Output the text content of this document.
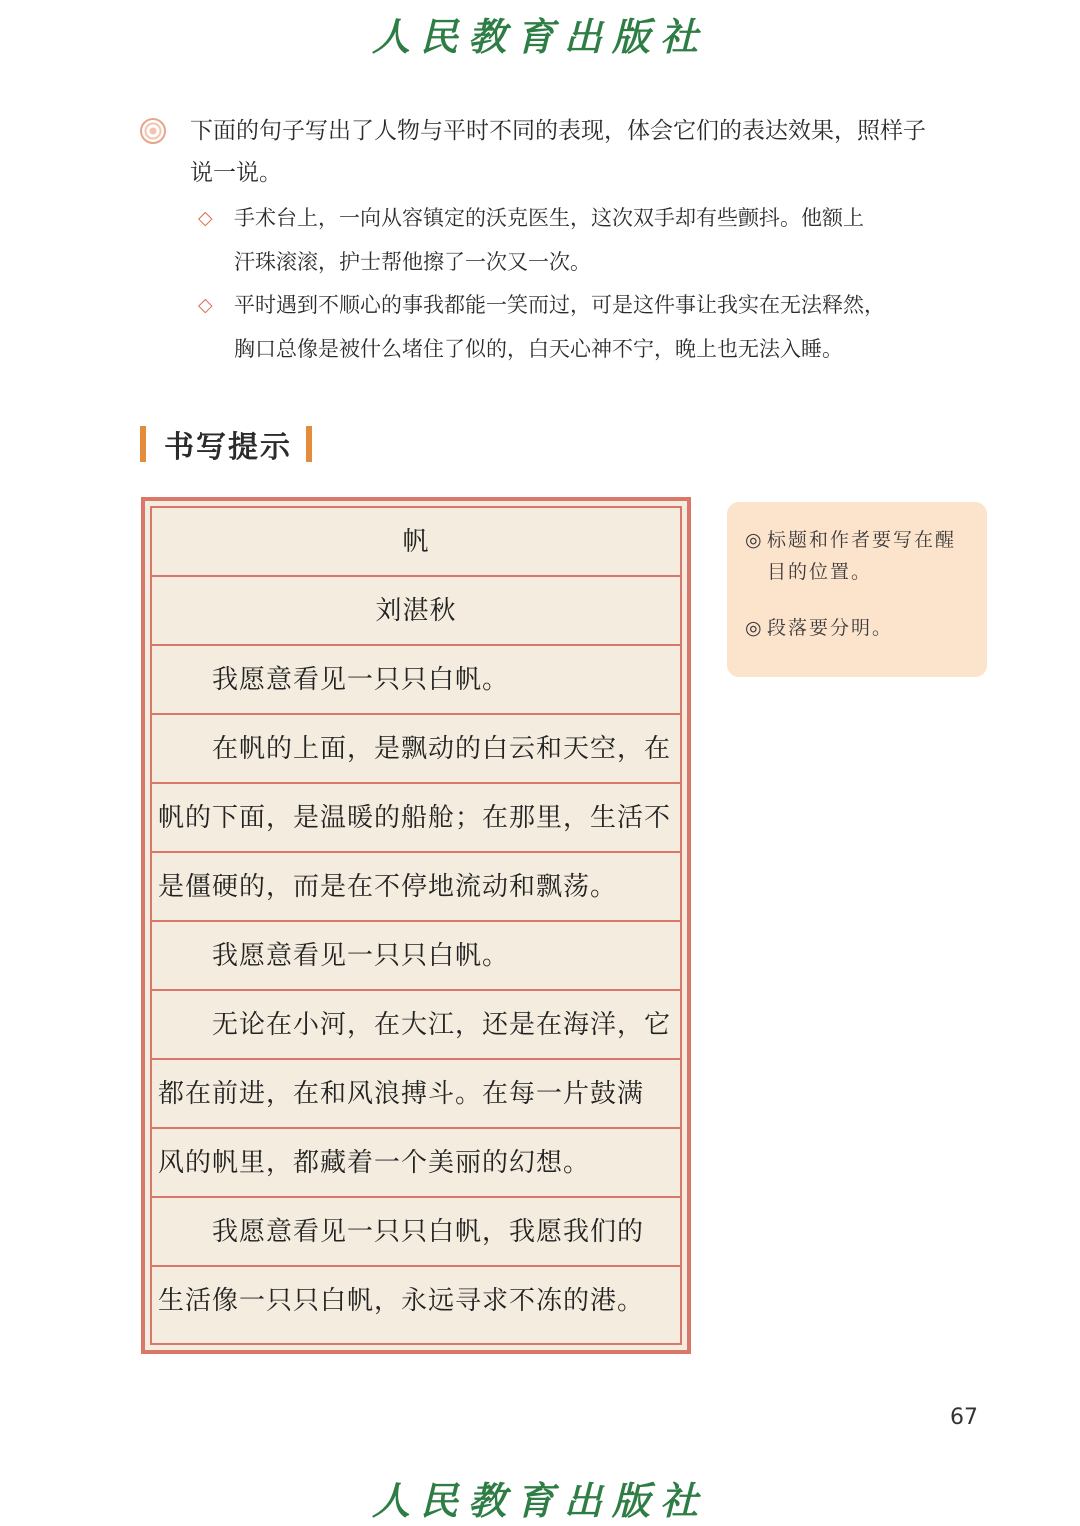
人民教育出版社
下面的句子写出了人物与平时不同的表现，体会它们的表达效果，照样子
说一说。
◇ 手术台上，一向从容镇定的沃克医生，这次双手却有些颤抖。他额上
汗珠滚滚，护士帮他擦了一次又一次。
◇ 平时遇到不顺心的事我都能一笑而过，可是这件事让我实在无法释然，
胸口总像是被什么堵住了似的，白天心神不宁，晚上也无法入睡。
书写提示
帆
刘湛秋
　　我愿意看见一只只白帆。
　　在帆的上面，是飘动的白云和天空，在
帆的下面，是温暖的船舱；在那里，生活不
是僵硬的，而是在不停地流动和飘荡。
　　我愿意看见一只只白帆。
　　无论在小河，在大江，还是在海洋，它
都在前进，在和风浪搏斗。在每一片鼓满
风的帆里，都藏着一个美丽的幻想。
　　我愿意看见一只只白帆，我愿我们的
生活像一只只白帆，永远寻求不冻的港。
◎ 标题和作者要写在醒
目的位置。
◎ 段落要分明。
67
人民教育出版社
